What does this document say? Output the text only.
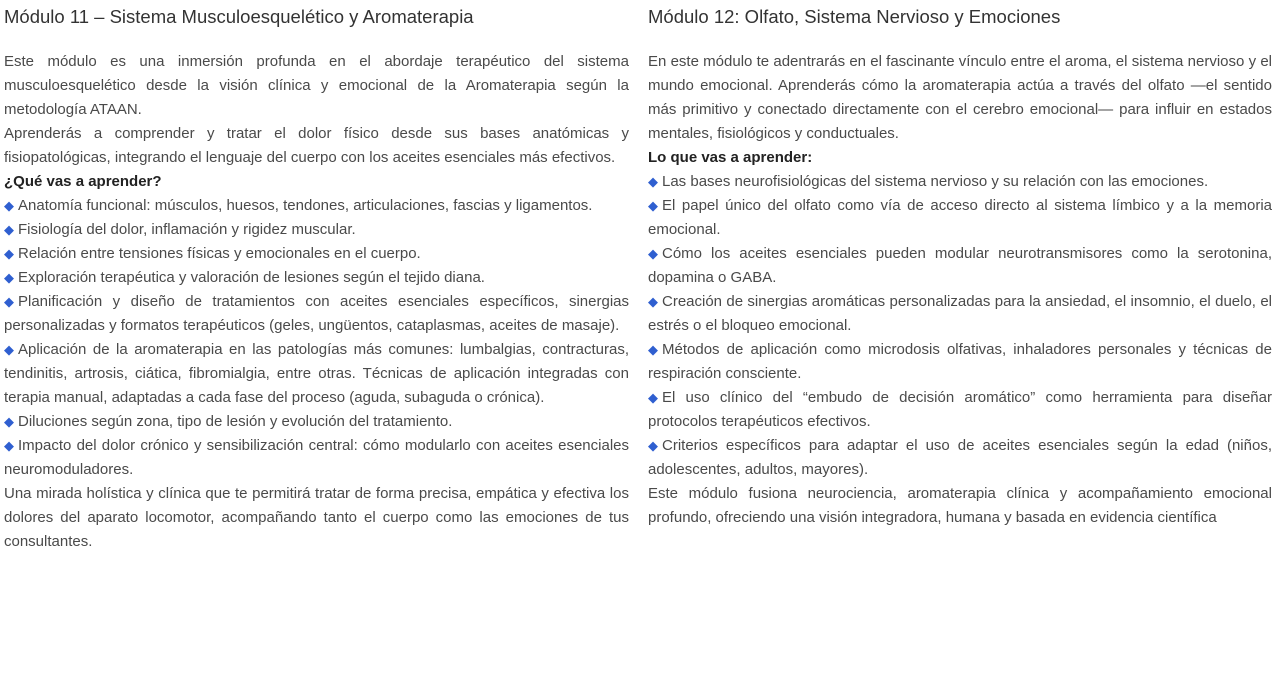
Módulo 11 – Sistema Musculoesquelético y Aromaterapia

Este módulo es una inmersión profunda en el abordaje terapéutico del sistema musculoesquelético desde la visión clínica y emocional de la Aromaterapia según la metodología ATAAN.

Aprenderás a comprender y tratar el dolor físico desde sus bases anatómicas y fisiopatológicas, integrando el lenguaje del cuerpo con los aceites esenciales más efectivos.

¿Qué vas a aprender?

◆ Anatomía funcional: músculos, huesos, tendones, articulaciones, fascias y ligamentos.

◆ Fisiología del dolor, inflamación y rigidez muscular.

◆ Relación entre tensiones físicas y emocionales en el cuerpo.

◆ Exploración terapéutica y valoración de lesiones según el tejido diana.

◆ Planificación y diseño de tratamientos con aceites esenciales específicos, sinergias personalizadas y formatos terapéuticos (geles, ungüentos, cataplasmas, aceites de masaje).

◆ Aplicación de la aromaterapia en las patologías más comunes: lumbalgias, contracturas, tendinitis, artrosis, ciática, fibromialgia, entre otras. Técnicas de aplicación integradas con terapia manual, adaptadas a cada fase del proceso (aguda, subaguda o crónica).

◆ Diluciones según zona, tipo de lesión y evolución del tratamiento.

◆ Impacto del dolor crónico y sensibilización central: cómo modularlo con aceites esenciales neuromoduladores.

Una mirada holística y clínica que te permitirá tratar de forma precisa, empática y efectiva los dolores del aparato locomotor, acompañando tanto el cuerpo como las emociones de tus consultantes.

Módulo 12: Olfato, Sistema Nervioso y Emociones

En este módulo te adentrarás en el fascinante vínculo entre el aroma, el sistema nervioso y el mundo emocional. Aprenderás cómo la aromaterapia actúa a través del olfato —el sentido más primitivo y conectado directamente con el cerebro emocional— para influir en estados mentales, fisiológicos y conductuales.

Lo que vas a aprender:

◆ Las bases neurofisiológicas del sistema nervioso y su relación con las emociones.

◆ El papel único del olfato como vía de acceso directo al sistema límbico y a la memoria emocional.

◆ Cómo los aceites esenciales pueden modular neurotransmisores como la serotonina, dopamina o GABA.

◆ Creación de sinergias aromáticas personalizadas para la ansiedad, el insomnio, el duelo, el estrés o el bloqueo emocional.

◆ Métodos de aplicación como microdosis olfativas, inhaladores personales y técnicas de respiración consciente.

◆ El uso clínico del “embudo de decisión aromático” como herramienta para diseñar protocolos terapéuticos efectivos.

◆ Criterios específicos para adaptar el uso de aceites esenciales según la edad (niños, adolescentes, adultos, mayores).

Este módulo fusiona neurociencia, aromaterapia clínica y acompañamiento emocional profundo, ofreciendo una visión integradora, humana y basada en evidencia científica
